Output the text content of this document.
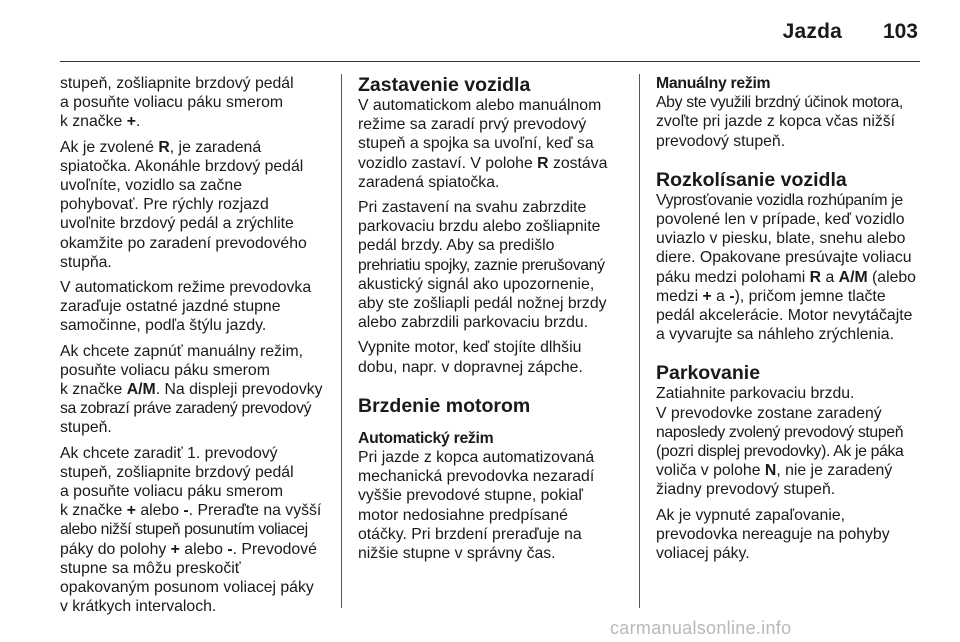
Jazda 103

stupeň, zošliapnite brzdový pedál
a posuňte voliacu páku smerom
k značke +.

Ak je zvolené R, je zaradená
spiatočka. Akonáhle brzdový pedál
uvoľníte, vozidlo sa začne
pohybovať. Pre rýchly rozjazd
uvoľnite brzdový pedál a zrýchlite
okamžite po zaradení prevodového
stupňa.

V automatickom režime prevodovka
zaraďuje ostatné jazdné stupne
samočinne, podľa štýlu jazdy.

Ak chcete zapnúť manuálny režim,
posuňte voliacu páku smerom
k značke A/M. Na displeji prevodovky
sa zobrazí práve zaradený prevodový
stupeň.

Ak chcete zaradiť 1. prevodový
stupeň, zošliapnite brzdový pedál
a posuňte voliacu páku smerom
k značke + alebo -. Preraďte na vyšší
alebo nižší stupeň posunutím voliacej
páky do polohy + alebo -. Prevodové
stupne sa môžu preskočiť
opakovaným posunom voliacej páky
v krátkych intervaloch.

Zastavenie vozidla

V automatickom alebo manuálnom
režime sa zaradí prvý prevodový
stupeň a spojka sa uvoľní, keď sa
vozidlo zastaví. V polohe R zostáva
zaradená spiatočka.

Pri zastavení na svahu zabrzdite
parkovaciu brzdu alebo zošliapnite
pedál brzdy. Aby sa predišlo
prehriatiu spojky, zaznie prerušovaný
akustický signál ako upozornenie,
aby ste zošliapli pedál nožnej brzdy
alebo zabrzdili parkovaciu brzdu.

Vypnite motor, keď stojíte dlhšiu
dobu, napr. v dopravnej zápche.

Brzdenie motorom
Automatický režim

Pri jazde z kopca automatizovaná
mechanická prevodovka nezaradí
vyššie prevodové stupne, pokiaľ
motor nedosiahne predpísané
otáčky. Pri brzdení preraďuje na
nižšie stupne v správny čas.

Manuálny režim

Aby ste využili brzdný účinok motora,
zvoľte pri jazde z kopca včas nižší
prevodový stupeň.

Rozkolísanie vozidla

Vyprosťovanie vozidla rozhúpaním je
povolené len v prípade, keď vozidlo
uviazlo v piesku, blate, snehu alebo
diere. Opakovane presúvajte voliacu
páku medzi polohami R a A/M (alebo
medzi + a -), pričom jemne tlačte
pedál akcelerácie. Motor nevytáčajte
a vyvarujte sa náhleho zrýchlenia.

Parkovanie

Zatiahnite parkovaciu brzdu.
V prevodovke zostane zaradený
naposledy zvolený prevodový stupeň
(pozri displej prevodovky). Ak je páka
voliča v polohe N, nie je zaradený
žiadny prevodový stupeň.

Ak je vypnuté zapaľovanie,
prevodovka nereaguje na pohyby
voliacej páky.

carmanualsonline.info
